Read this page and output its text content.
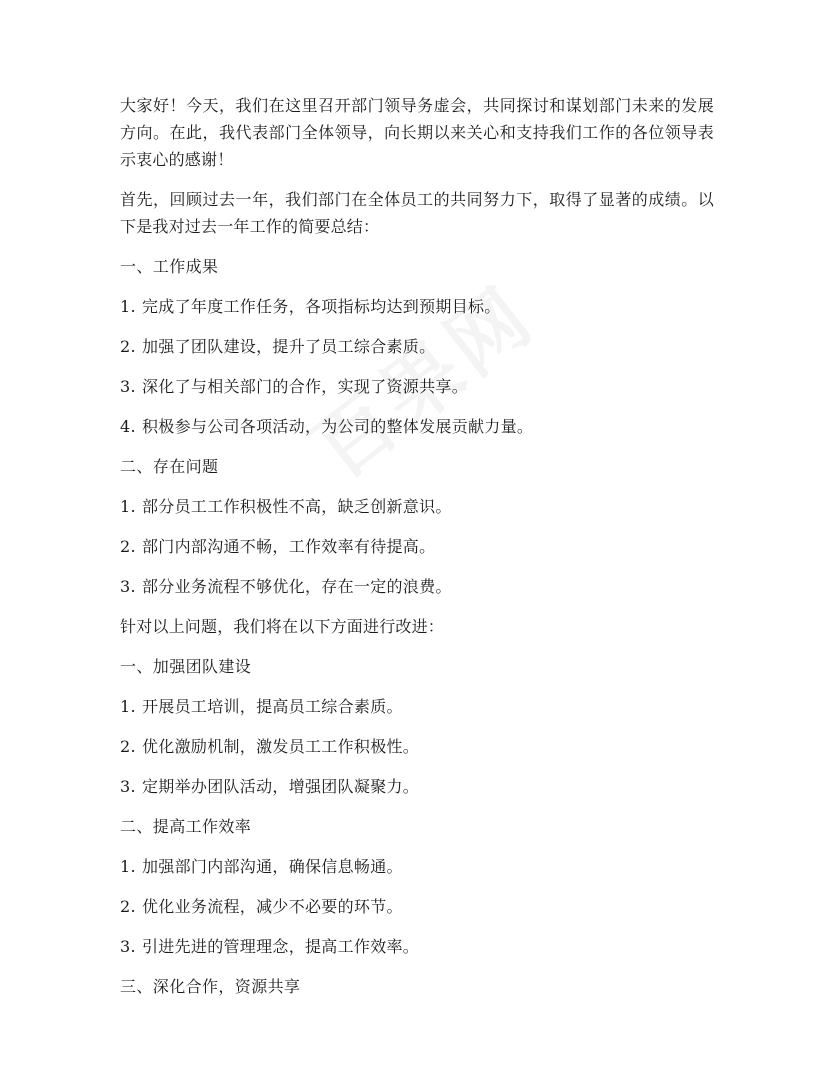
大家好！今天，我们在这里召开部门领导务虚会，共同探讨和谋划部门未来的发展方向。在此，我代表部门全体领导，向长期以来关心和支持我们工作的各位领导表示衷心的感谢！

首先，回顾过去一年，我们部门在全体员工的共同努力下，取得了显著的成绩。以下是我对过去一年工作的简要总结：

一、工作成果
1. 完成了年度工作任务，各项指标均达到预期目标。
2. 加强了团队建设，提升了员工综合素质。
3. 深化了与相关部门的合作，实现了资源共享。
4. 积极参与公司各项活动，为公司的整体发展贡献力量。
二、存在问题
1. 部分员工工作积极性不高，缺乏创新意识。
2. 部门内部沟通不畅，工作效率有待提高。
3. 部分业务流程不够优化，存在一定的浪费。

针对以上问题，我们将在以下方面进行改进：

一、加强团队建设
1. 开展员工培训，提高员工综合素质。
2. 优化激励机制，激发员工工作积极性。
3. 定期举办团队活动，增强团队凝聚力。
二、提高工作效率
1. 加强部门内部沟通，确保信息畅通。
2. 优化业务流程，减少不必要的环节。
3. 引进先进的管理理念，提高工作效率。
三、深化合作，资源共享
